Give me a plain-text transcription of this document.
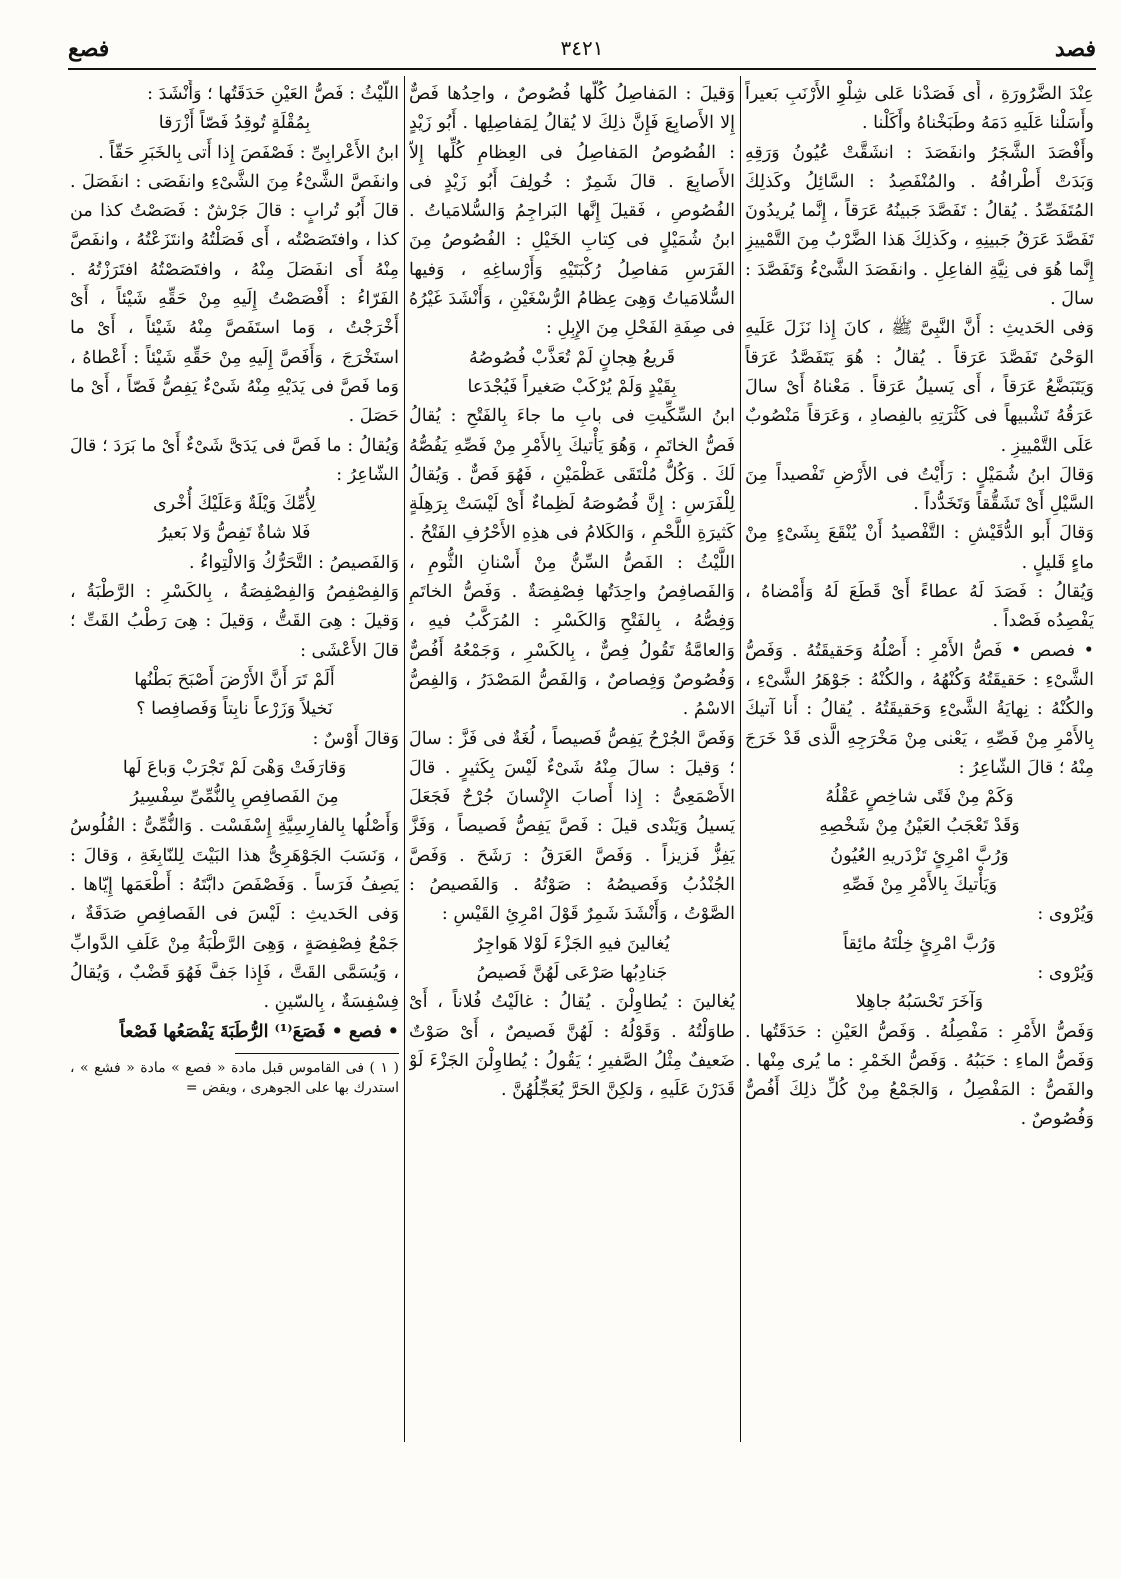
فصد
٣٤٢١
فصع

عِنْدَ الضَّرُورَةِ ، أَى فَصَدْنا عَلى شِلْوِ الأَرْنَبِ بَعيراً وأَسَلْنا عَلَيهِ دَمَهُ وطَبَخْناهُ وأَكَلْنا .

وأَفْصَدَ الشَّجَرُ وانفَصَدَ : انشَقَّتْ عُيُونُ وَرَقِهِ وَبَدَتْ أَطْرافُهُ . والمُنْفَصِدُ : السَّائِلُ وكَذلِكَ المُتَفَصِّدُ . يُقالُ : تَفَصَّدَ جَبينُهُ عَرَقاً ، إِنَّما يُريدُونَ تَفَصَّدَ عَرَقُ جَبينِهِ ، وكَذلِكَ هَذا الضَّرْبُ مِنَ التَّمْييزِ إِنَّما هُوَ فى نِيَّةِ الفاعِلِ . وانفَصَدَ الشَّىْءُ وَتَفَصَّدَ : سالَ .

وَفى الحَديثِ : أَنَّ النَّبِىَّ ﷺ ، كانَ إِذا نَزَلَ عَلَيهِ الوَحْىُ تَفَصَّدَ عَرَقاً . يُقالُ : هُوَ يَتَفَصَّدُ عَرَقاً وَيَتَبَضَّعُ عَرَقاً ، أَى يَسيلُ عَرَقاً . مَعْناهُ أَىْ سالَ عَرَقُهُ تَشْبيهاً فى كَثْرَتِهِ بالفِصادِ ، وَعَرَقاً مَنْصُوبٌ عَلَى التَّمْييزِ .

وَقالَ ابنُ شُمَيْلٍ : رَأَيْتُ فى الأَرْضِ تَفْصيداً مِنَ السَّيْلِ أَىْ تَشَقُّقاً وَتَخَدُّداً .

وَقالَ أَبو الدُّقَيْشِ : التَّفْصيدُ أَنْ يُنْقَعَ بِشَىْءٍ مِنْ ماءٍ قَليلٍ .

وَيُقالُ : فَصَدَ لَهُ عطاءً أَىْ قَطَعَ لَهُ وَأَمْضاهُ ، يَفْصِدُه فَصْداً .

• فصص • فَصُّ الأَمْرِ : أَصْلُهُ وَحَقيقَتُهُ . وَفَصُّ الشَّىْءِ : حَقيقَتُهُ وَكُنْهُهُ ، والكُنْهُ : جَوْهَرُ الشَّىْءِ ، والكُنْهُ : نِهايَةُ الشَّىْءِ وَحَقيقَتُهُ . يُقالُ : أَنا آتيكَ بِالأَمْرِ مِنْ فَصِّهِ ، يَعْنى مِنْ مَخْرَجِهِ الَّذى قَدْ خَرَجَ مِنْهُ ؛ قالَ الشّاعِرُ :

وَكَمْ مِنْ فَتًى شاخِصٍ عَقْلُهُ

وَقَدْ تَعْجَبُ العَيْنُ مِنْ شَخْصِهِ

وَرُبَّ امْرِئٍ تَزْدَريهِ العُيُونُ

وَيَأْتيكَ بِالأَمْرِ مِنْ فَصِّهِ

وَيُرْوى :

وَرُبَّ امْرِئٍ خِلْتَهُ مائِقاً

وَيُرْوى :

وَآخَرَ تَحْسَبُهُ جاهِلا

وَفَصُّ الأَمْرِ : مَفْصِلُهُ . وَفَصُّ العَيْنِ : حَدَقَتُها . وَفَصُّ الماءِ : حَبَبُهُ . وَفَصُّ الخَمْرِ : ما يُرى مِنْها . والفَصُّ : المَفْصِلُ ، وَالجَمْعُ مِنْ كُلِّ ذلِكَ أَفُصٌّ وَفُصُوصٌ .

وَقيلَ : المَفاصِلُ كُلُّها فُصُوصٌ ، واحِدُها فَصٌّ إِلا الأَصابِعَ فَإِنَّ ذلِكَ لا يُقالُ لِمَفاصِلِها . أَبُو زَيْدٍ : الفُصُوصُ المَفاصِلُ فى العِظامِ كُلِّها إِلاّ الأَصابِعَ . قالَ شَمِرٌ : خُولِفَ أَبُو زَيْدٍ فى الفُصُوصِ ، فَقيلَ إِنَّها البَراجِمُ وَالسُّلامَياتُ . ابنُ شُمَيْلٍ فى كِتابِ الخَيْلِ : الفُصُوصُ مِنَ الفَرَسِ مَفاصِلُ رُكْبَتَيْهِ وَأَرْساغِهِ ، وَفيها السُّلامَياتُ وَهِىَ عِظامُ الرُّسْغَيْنِ ، وَأَنْشَدَ غَيْرُهُ فى صِفَةِ الفَحْلِ مِنَ الإِبِلِ :

قَريعُ هِجانٍ لَمْ تُعَذَّبْ فُصُوصُهُ

بِقَيْدٍ وَلَمْ يُرْكَبْ صَغيراً فَيُجْدَعا

ابنُ السِّكِّيتِ فى بابِ ما جاءَ بِالفَتْحِ : يُقالُ فَصُّ الخاتَمِ ، وَهُوَ يَأْتيكَ بِالأَمْرِ مِنْ فَصِّهِ يَفُصُّهُ لَكَ . وَكُلُّ مُلْتَقَى عَظْمَيْنِ ، فَهُوَ فَصٌّ . وَيُقالُ لِلْفَرَسِ : إِنَّ فُصُوصَهُ لَظِماءٌ أَىْ لَيْسَتْ بِرَهِلَةٍ كَثيرَةِ اللَّحْمِ ، وَالكَلامُ فى هذِهِ الأَحْرُفِ الفَتْحُ . اللَّيْثُ : الفَصُّ السِّنُّ مِنْ أَسْنانِ الثُّومِ ، وَالفَصافِصُ واحِدَتُها فِصْفِصَةٌ . وَفَصُّ الخاتَمِ وَفِصُّهُ ، بِالفَتْحِ وَالكَسْرِ : المُرَكَّبُ فيهِ ، وَالعامَّةُ تَقُولُ فِصٌّ ، بِالكَسْرِ ، وَجَمْعُهُ أَفُصٌّ وَفُصُوصٌ وَفِصاصٌ ، وَالفَصُّ المَصْدَرُ ، وَالفِصُّ الاسْمُ .

وَفَصَّ الجُرْحُ يَفِصُّ فَصيصاً ، لُغَةٌ فى فَزَّ : سالَ ؛ وَقيلَ : سالَ مِنْهُ شَىْءٌ لَيْسَ بِكَثيرٍ . قالَ الأَصْمَعِىُّ : إِذا أَصابَ الإِنْسانَ جُرْحٌ فَجَعَلَ يَسيلُ وَيَنْدى قيلَ : فَصَّ يَفِصُّ فَصيصاً ، وَفَزَّ يَفِزُّ فَزيزاً . وَفَصَّ العَرَقُ : رَشَحَ . وَفَصَّ الجُنْدُبُ وَفَصيصُهُ : صَوْتُهُ . وَالفَصيصُ : الصَّوْتُ ، وَأَنْشَدَ شَمِرٌ قَوْلَ امْرِئِ القَيْسِ :

يُغالينَ فيهِ الجَزْءَ لَوْلا هَواجِرٌ

جَنادِبُها صَرْعَى لَهُنَّ فَصيصُ

يُغالينَ : يُطاوِلْنَ . يُقالُ : غالَيْتُ فُلاناً ، أَىْ طاوَلْتُهُ . وَقَوْلُهُ : لَهُنَّ فَصيصٌ ، أَىْ صَوْتٌ ضَعيفٌ مِثْلُ الصَّفيرِ ؛ يَقُولُ : يُطاوِلْنَ الجَزْءَ لَوْ قَدَرْنَ عَلَيهِ ، وَلكِنَّ الحَرَّ يُعَجِّلُهُنَّ .

اللَّيْثُ : فَصُّ العَيْنِ حَدَقَتُها ؛ وَأَنْشَدَ :

بِمُقْلَةٍ تُوقِدُ فَصّاً أَزْرَقا

ابنُ الأَعْرابِىِّ : فَصْفَصَ إِذا أَتى بِالخَبَرِ حَقّاً .

وانفَصَّ الشَّىْءُ مِنَ الشَّىْءِ وانفَصَى : انفَصَلَ . قالَ أَبُو تُرابٍ : قالَ جَرْشٌ : فَصَصْتُ كذا من كذا ، وافتَصَصْتُه ، أَى فَصَلْتُهُ وانتَزَعْتُهُ ، وانفَصَّ مِنْهُ أَى انفَصَلَ مِنْهُ ، وافتَصَصْتُهُ افتَرَزْتُهُ . الفَرّاءُ : أَفْصَصْتُ إِلَيهِ مِنْ حَقِّهِ شَيْئاً ، أَىْ أَخْرَجْتُ ، وَما استَفَصَّ مِنْهُ شَيْئاً ، أَىْ ما استَخْرَجَ ، وَأَفَصَّ إِلَيهِ مِنْ حَقِّهِ شَيْئاً : أَعْطاهُ ، وَما فَصَّ فى يَدَيْهِ مِنْهُ شَىْءٌ يَفِصُّ فَصّاً ، أَىْ ما حَصَلَ .

وَيُقالُ : ما فَصَّ فى يَدَىَّ شَىْءٌ أَىْ ما بَرَدَ ؛ قالَ الشّاعِرُ :

لِأُمِّكَ وَيْلَةٌ وَعَلَيْكَ أُخْرى

فَلا شاةٌ تَفِصُّ وَلا بَعيرُ

وَالفَصيصُ : التَّحَرُّكُ وَالالْتِواءُ .

وَالفِصْفِصُ وَالفِصْفِصَةُ ، بِالكَسْرِ : الرَّطْبَةُ ، وَقيلَ : هِىَ القَتُّ ، وَقيلَ : هِىَ رَطْبُ القَتِّ ؛ قالَ الأَعْشَى :

أَلَمْ تَرَ أَنَّ الأَرْضَ أَصْبَحَ بَطْنُها

نَخيلاً وَزَرْعاً نابِتاً وَفَصافِصا ؟

وَقالَ أَوْسٌ :

وَقارَفَتْ وَهْىَ لَمْ تَجْرَبْ وَباعَ لَها

مِنَ الفَصافِصِ بِالنُّمِّىِّ سِفْسِيرُ

وَأَصْلُها بِالفارِسِيَّةِ إِسْفَسْت . وَالنُّمِّىُّ : الفُلُوسُ ، وَنَسَبَ الجَوْهَرِىُّ هذا البَيْتَ لِلنّابِغَةِ ، وَقالَ : يَصِفُ فَرَساً . وَفَصْفَصَ دابَّتَهُ : أَطْعَمَها إِيّاها . وَفى الحَديثِ : لَيْسَ فى الفَصافِصِ صَدَقَةٌ ، جَمْعُ فِصْفِصَةٍ ، وَهِىَ الرَّطْبَةُ مِنْ عَلَفِ الدَّوابِّ ، وَيُسَمَّى القَتَّ ، فَإِذا جَفَّ فَهُوَ قَضْبٌ ، وَيُقالُ فِسْفِسَةٌ ، بِالسّينِ .

• فصع • فَصَعَ⁽¹⁾ الرُّطَبَةَ يَفْصَعُها فَصْعاً

( ١ ) فى القاموس قبل مادة « فصع » مادة « فشع » ، استدرك بها على الجوهرى ، ويقض =
